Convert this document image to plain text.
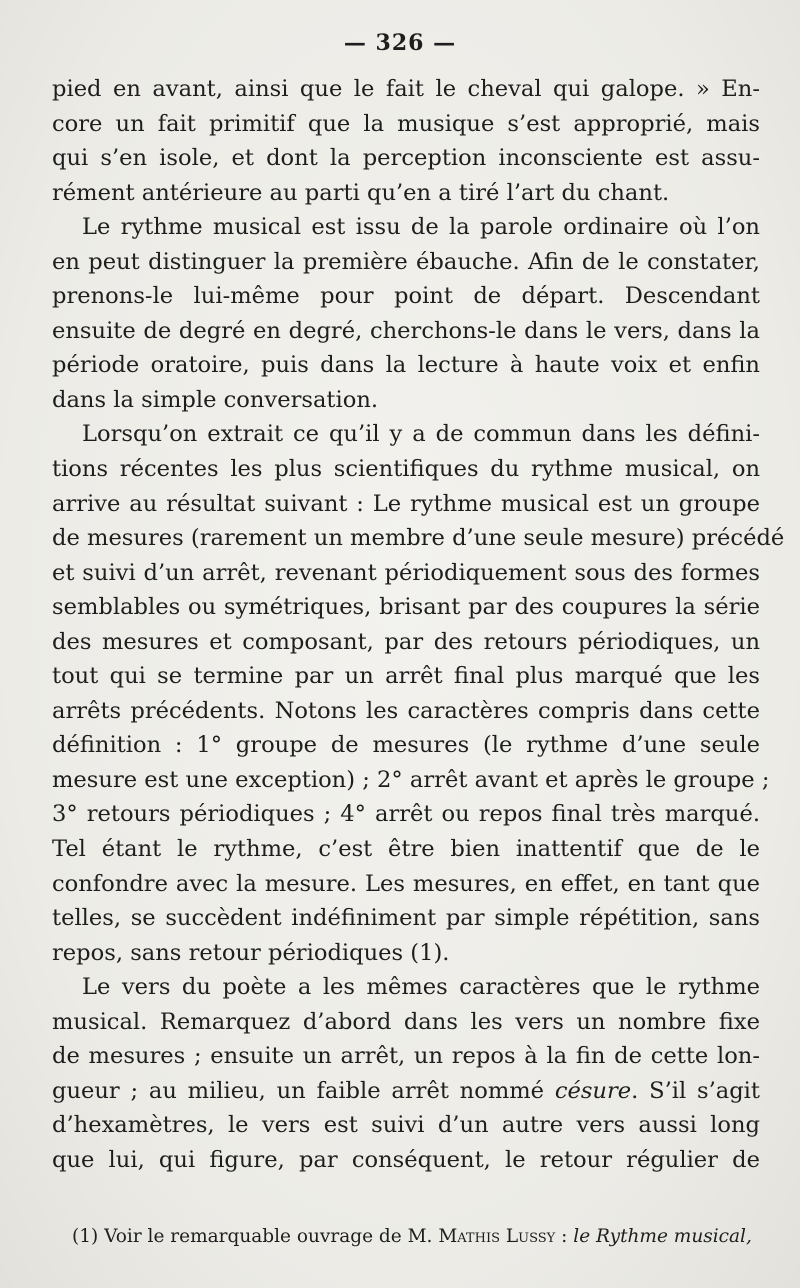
— 326 —

pied en avant, ainsi que le fait le cheval qui galope. » En-
core un fait primitif que la musique s’est approprié, mais
qui s’en isole, et dont la perception inconsciente est assu-
rément antérieure au parti qu’en a tiré l’art du chant.

Le rythme musical est issu de la parole ordinaire où l’on
en peut distinguer la première ébauche. Afin de le constater,
prenons-le lui-même pour point de départ. Descendant
ensuite de degré en degré, cherchons-le dans le vers, dans la
période oratoire, puis dans la lecture à haute voix et enfin
dans la simple conversation.

Lorsqu’on extrait ce qu’il y a de commun dans les défini-
tions récentes les plus scientifiques du rythme musical, on
arrive au résultat suivant : Le rythme musical est un groupe
de mesures (rarement un membre d’une seule mesure) précédé
et suivi d’un arrêt, revenant périodiquement sous des formes
semblables ou symétriques, brisant par des coupures la série
des mesures et composant, par des retours périodiques, un
tout qui se termine par un arrêt final plus marqué que les
arrêts précédents. Notons les caractères compris dans cette
définition : 1° groupe de mesures (le rythme d’une seule
mesure est une exception) ; 2° arrêt avant et après le groupe ;
3° retours périodiques ; 4° arrêt ou repos final très marqué.
Tel étant le rythme, c’est être bien inattentif que de le
confondre avec la mesure. Les mesures, en effet, en tant que
telles, se succèdent indéfiniment par simple répétition, sans
repos, sans retour périodiques (1).

Le vers du poète a les mêmes caractères que le rythme
musical. Remarquez d’abord dans les vers un nombre fixe
de mesures ; ensuite un arrêt, un repos à la fin de cette lon-
gueur ; au milieu, un faible arrêt nommé césure. S’il s’agit
d’hexamètres, le vers est suivi d’un autre vers aussi long
que lui, qui figure, par conséquent, le retour régulier de

(1) Voir le remarquable ouvrage de M. Mathis Lussy : le Rythme musical,
